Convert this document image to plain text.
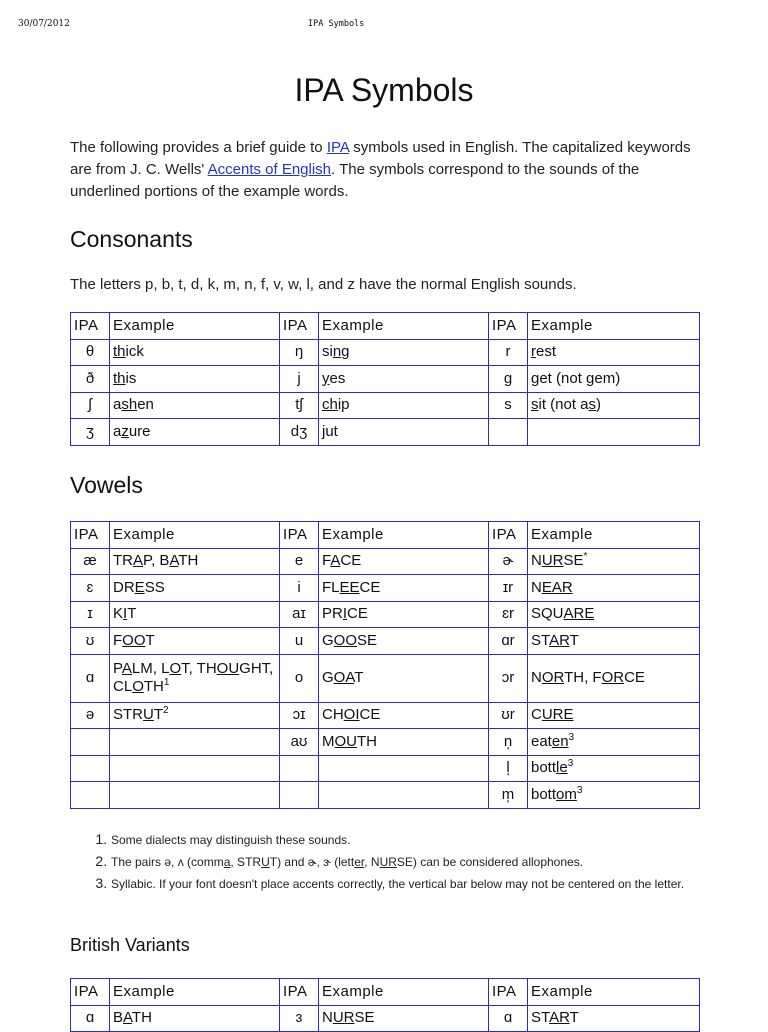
30/07/2012	IPA Symbols
IPA Symbols

The following provides a brief guide to IPA symbols used in English. The capitalized keywords are from J. C. Wells' Accents of English. The symbols correspond to the sounds of the underlined portions of the example words.

Consonants

The letters p, b, t, d, k, m, n, f, v, w, l, and z have the normal English sounds.

IPA	Example	IPA	Example	IPA	Example
θ	thick	ŋ	sing	r	rest
ð	this	j	yes	ɡ	get (not gem)
ʃ	ashen	tʃ	chip	s	sit (not as)
ʒ	azure	dʒ	jut		
Vowels
IPA	Example	IPA	Example	IPA	Example
æ	TRAP, BATH	e	FACE	ɚ	NURSE*
ɛ	DRESS	i	FLEECE	ɪr	NEAR
ɪ	KIT	aɪ	PRICE	ɛr	SQUARE
ʊ	FOOT	u	GOOSE	ɑr	START
ɑ	PALM, LOT, THOUGHT, CLOTH$^1$	o	GOAT	ɔr	NORTH, FORCE
ə	STRUT$^2$	ɔɪ	CHOICE	ʊr	CURE
		aʊ	MOUTH	n̩	eaten$^3$
				l̩	bottle$^3$
				m̩	bottom$^3$
1. Some dialects may distinguish these sounds.
2. The pairs ə, ʌ (comma, STRUT) and ɚ, ɝ (letter, NURSE) can be considered allophones.
3. Syllabic. If your font doesn't place accents correctly, the vertical bar below may not be centered on the letter.
British Variants
IPA	Example	IPA	Example	IPA	Example
ɑ	BATH	ɜ	NURSE	ɑ	START
